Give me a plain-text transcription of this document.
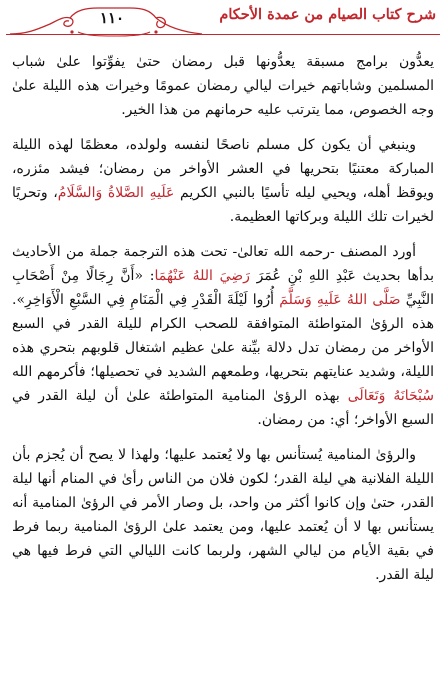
شرح كتاب الصيام من عمدة الأحكام
١١٠

يعدُّون برامج مسبقة يعدُّونها قبل رمضان حتىٰ يفوِّتوا علىٰ شباب المسلمين وشاباتهم خيرات ليالي رمضان عمومًا وخيرات هذه الليلة علىٰ وجه الخصوص، مما يترتب عليه حرمانهم من هذا الخير.

وينبغي أن يكون كل مسلم ناصحًا لنفسه ولولده، معظمًا لهذه الليلة المباركة معتنيًا بتحريها في العشر الأواخر من رمضان؛ فيشد مئزره، ويوقظ أهله، ويحيي ليله تأسيًا بالنبي الكريم عَلَيهِ الصَّلاةُ وَالسَّلَامُ، وتحريًا لخيرات تلك الليلة وبركاتها العظيمة.

أورد المصنف -رحمه الله تعالىٰ- تحت هذه الترجمة جملة من الأحاديث بدأها بحديث عَبْدِ اللهِ بْنِ عُمَرَ رَضِيَ اللهُ عَنْهُمَا: «أَنَّ رِجَالًا مِنْ أَصْحَابِ النَّبِيِّ صَلَّى اللهُ عَلَيهِ وَسَلَّمَ أُرُوا لَيْلَةَ الْقَدْرِ فِي الْمَنَامِ فِي السَّبْعِ الْأَوَاخِرِ». هذه الرؤىٰ المتواطئة المتوافقة للصحب الكرام لليلة القدر في السبع الأواخر من رمضان تدل دلالة بيِّنة علىٰ عظيم اشتغال قلوبهم بتحري هذه الليلة، وشديد عنايتهم بتحريها، وطمعهم الشديد في تحصيلها؛ فأكرمهم الله سُبْحَانَهُ وَتَعَالَى بهذه الرؤىٰ المنامية المتواطئة علىٰ أن ليلة القدر في السبع الأواخر؛ أي: من رمضان.

والرؤىٰ المنامية يُستأنس بها ولا يُعتمد عليها؛ ولهذا لا يصح أن يُجزم بأن الليلة الفلانية هي ليلة القدر؛ لكون فلان من الناس رأىٰ في المنام أنها ليلة القدر، حتىٰ وإن كانوا أكثر من واحد، بل وصار الأمر في الرؤىٰ المنامية أنه يستأنس بها لا أن يُعتمد عليها، ومن يعتمد علىٰ الرؤىٰ المنامية ربما فرط في بقية الأيام من ليالي الشهر، ولربما كانت الليالي التي فرط فيها هي ليلة القدر.
